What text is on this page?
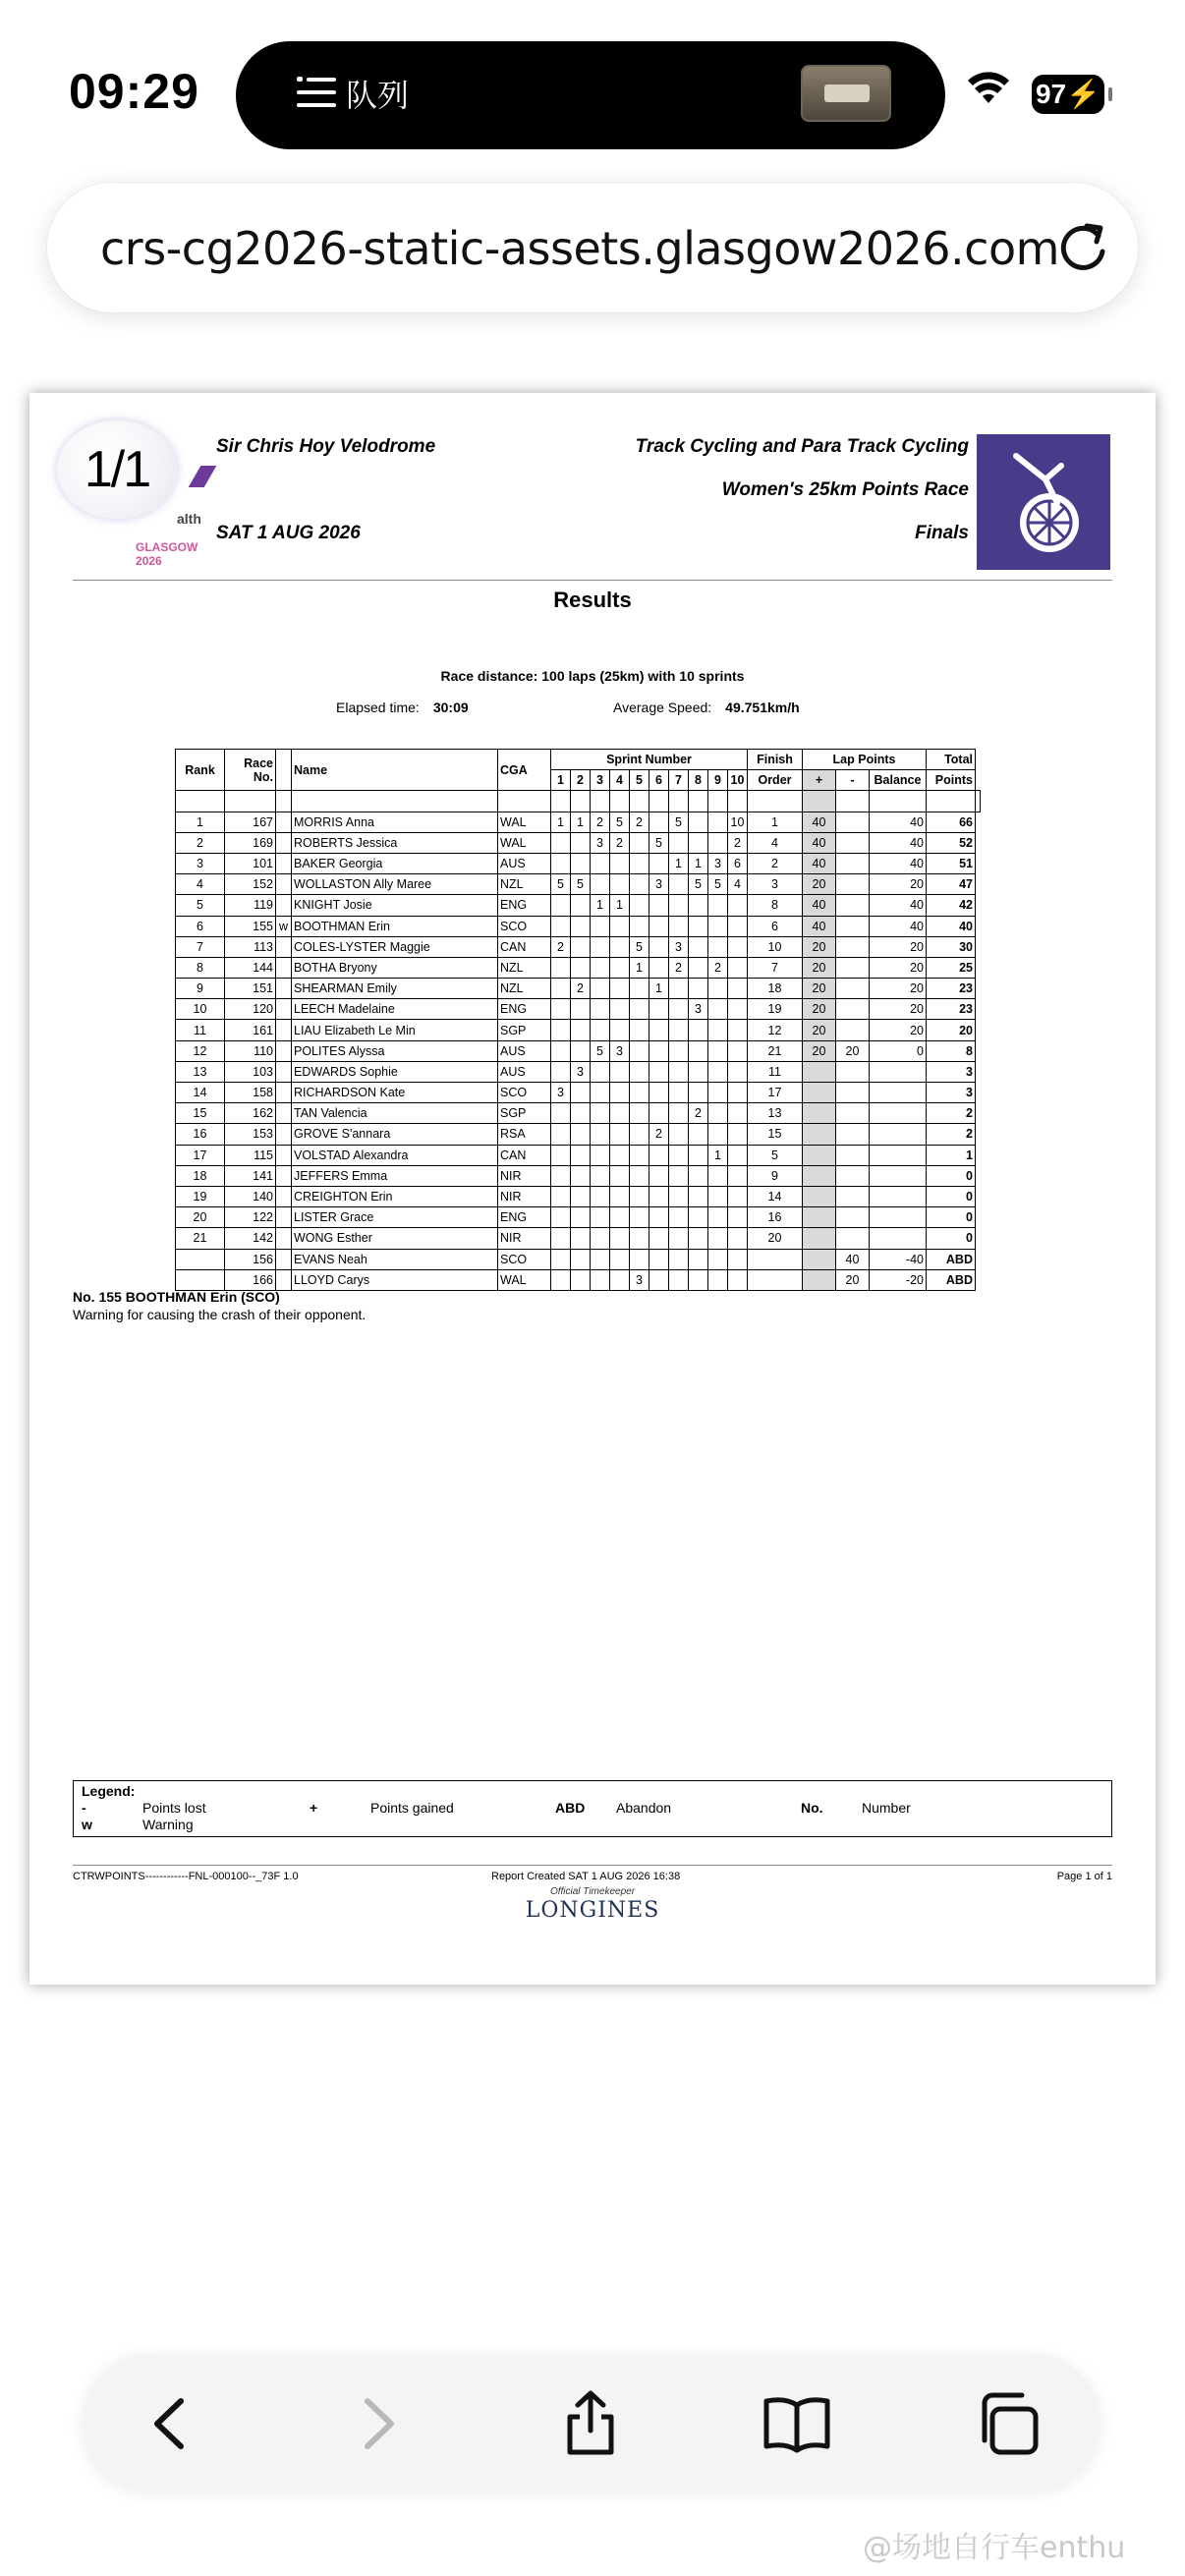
09:29	队列	97⚡
crs-cg2026-static-assets.glasgow2026.com
1/1
alth
GLASGOW 2026
Sir Chris Hoy Velodrome
SAT 1 AUG 2026
Track Cycling and Para Track Cycling
Women's 25km Points Race
Finals
Results
Race distance: 100 laps (25km) with 10 sprints
Elapsed time: 30:09	Average Speed: 49.751km/h
Rank	Race
No.		Name	CGA	Sprint Number										Finish	Lap Points			Total	
					1	2	3	4	5	6	7	8	9	10	Order	+	-	Balance	Points	

1	167		MORRIS Anna	WAL	1	1	2	5	2		5			10	1	40		40	66	
2	169		ROBERTS Jessica	WAL			3	2		5				2	4	40		40	52	
3	101		BAKER Georgia	AUS							1	1	3	6	2	40		40	51	
4	152		WOLLASTON Ally Maree	NZL	5	5				3		5	5	4	3	20		20	47	
5	119		KNIGHT Josie	ENG			1	1							8	40		40	42	
6	155	w	BOOTHMAN Erin	SCO											6	40		40	40	
7	113		COLES-LYSTER Maggie	CAN	2				5		3				10	20		20	30	
8	144		BOTHA Bryony	NZL					1		2		2		7	20		20	25	
9	151		SHEARMAN Emily	NZL		2				1					18	20		20	23	
10	120		LEECH Madelaine	ENG								3			19	20		20	23	
11	161		LIAU Elizabeth Le Min	SGP											12	20		20	20	
12	110		POLITES Alyssa	AUS			5	3							21	20	20	0	8	
13	103		EDWARDS Sophie	AUS		3									11				3	
14	158		RICHARDSON Kate	SCO	3										17				3	
15	162		TAN Valencia	SGP								2			13				2	
16	153		GROVE S'annara	RSA						2					15				2	
17	115		VOLSTAD Alexandra	CAN									1		5				1	
18	141		JEFFERS Emma	NIR											9				0	
19	140		CREIGHTON Erin	NIR											14				0	
20	122		LISTER Grace	ENG											16				0	
21	142		WONG Esther	NIR											20				0	
	156		EVANS Neah	SCO													40	-40	ABD	
	166		LLOYD Carys	WAL					3								20	-20	ABD	
No. 155 BOOTHMAN Erin (SCO)
Warning for causing the crash of their opponent.
Legend:
-	Points lost	+	Points gained	ABD Abandon	No.	Number
w	Warning
CTRWPOINTS------------FNL-000100--_73F 1.0	Report Created SAT 1 AUG 2026 16:38	Page 1 of 1
Official Timekeeper
LONGINES
@场地自行车enthu
